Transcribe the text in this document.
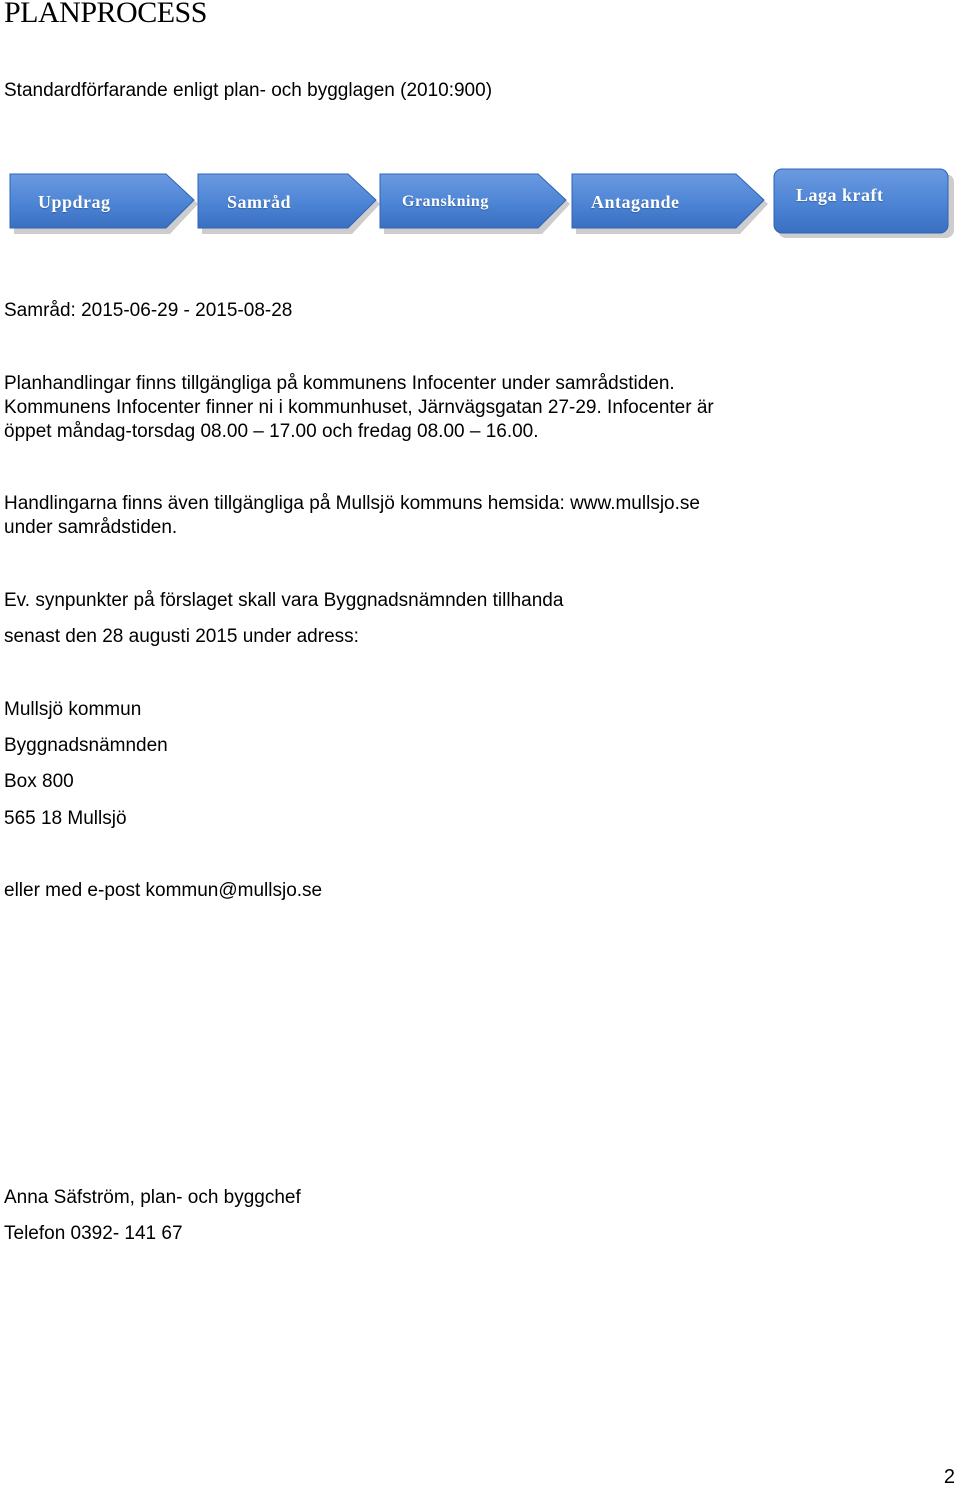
PLANPROCESS
Standardförfarande enligt plan- och bygglagen (2010:900)
Uppdrag	Samråd	Granskning	Antagande	Laga kraft
Samråd: 2015-06-29 - 2015-08-28
Planhandlingar finns tillgängliga på kommunens Infocenter under samrådstiden.
Kommunens Infocenter finner ni i kommunhuset, Järnvägsgatan 27-29. Infocenter är
öppet måndag-torsdag 08.00 – 17.00 och fredag 08.00 – 16.00.
Handlingarna finns även tillgängliga på Mullsjö kommuns hemsida: www.mullsjo.se
under samrådstiden.
Ev. synpunkter på förslaget skall vara Byggnadsnämnden tillhanda
senast den 28 augusti 2015 under adress:
Mullsjö kommun
Byggnadsnämnden
Box 800
565 18 Mullsjö
eller med e-post kommun@mullsjo.se
Anna Säfström, plan- och byggchef
Telefon 0392- 141 67
2
